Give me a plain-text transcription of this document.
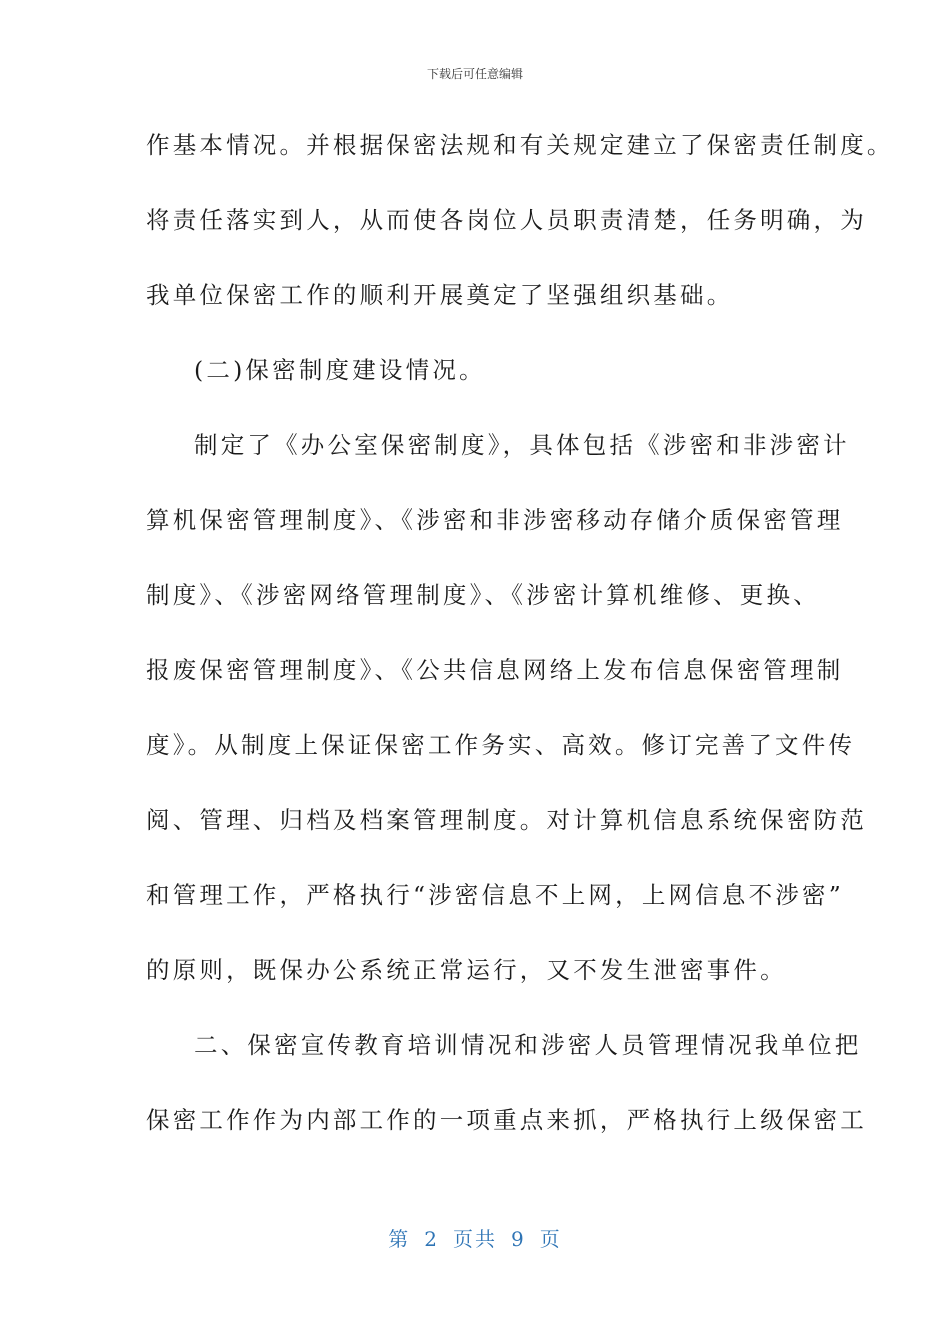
下载后可任意编辑
作基本情况。并根据保密法规和有关规定建立了保密责任制度。
将责任落实到人，从而使各岗位人员职责清楚，任务明确，为
我单位保密工作的顺利开展奠定了坚强组织基础。
(二)保密制度建设情况。
制定了《办公室保密制度》，具体包括《涉密和非涉密计
算机保密管理制度》、《涉密和非涉密移动存储介质保密管理
制度》、《涉密网络管理制度》、《涉密计算机维修、更换、
报废保密管理制度》、《公共信息网络上发布信息保密管理制
度》。从制度上保证保密工作务实、高效。修订完善了文件传
阅、管理、归档及档案管理制度。对计算机信息系统保密防范
和管理工作，严格执行“涉密信息不上网，上网信息不涉密”
的原则，既保办公系统正常运行，又不发生泄密事件。
二、保密宣传教育培训情况和涉密人员管理情况我单位把
保密工作作为内部工作的一项重点来抓，严格执行上级保密工
第 2 页共 9 页
